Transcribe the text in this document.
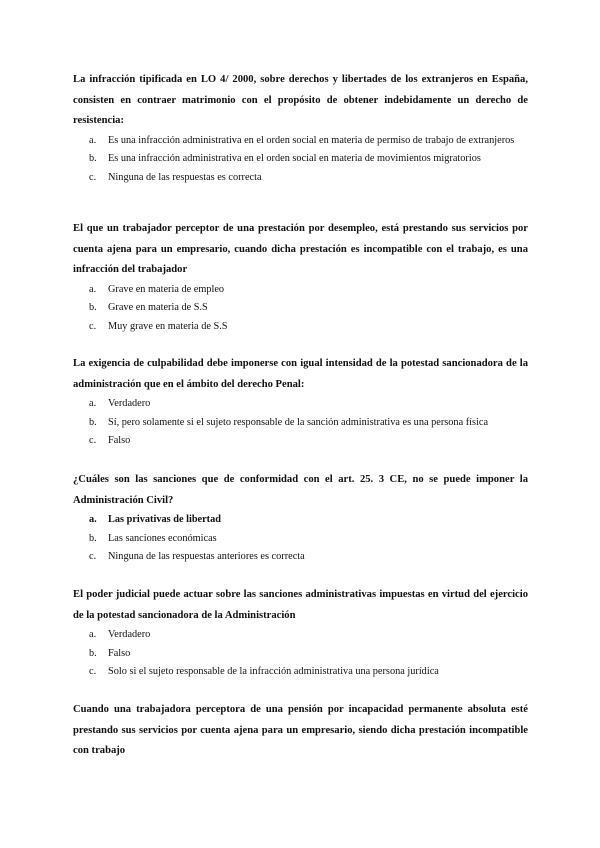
La infracción tipificada en LO 4/ 2000, sobre derechos y libertades de los extranjeros en España, consisten en contraer matrimonio con el propósito de obtener indebidamente un derecho de resistencia:

a. Es una infracción administrativa en el orden social en materia de permiso de trabajo de extranjeros
b. Es una infracción administrativa en el orden social en materia de movimientos migratorios
c. Ninguna de las respuestas es correcta

El que un trabajador perceptor de una prestación por desempleo, está prestando sus servicios por cuenta ajena para un empresario, cuando dicha prestación es incompatible con el trabajo, es una infracción del trabajador

a. Grave en materia de empleo
b. Grave en materia de S.S
c. Muy grave en materia de S.S

La exigencia de culpabilidad debe imponerse con igual intensidad de la potestad sancionadora de la administración que en el ámbito del derecho Penal:

a. Verdadero
b. Sí, pero solamente si el sujeto responsable de la sanción administrativa es una persona física
c. Falso

¿Cuáles son las sanciones que de conformidad con el art. 25. 3 CE, no se puede imponer la Administración Civil?

a. Las privativas de libertad
b. Las sanciones económicas
c. Ninguna de las respuestas anteriores es correcta

El poder judicial puede actuar sobre las sanciones administrativas impuestas en virtud del ejercicio de la potestad sancionadora de la Administración

a. Verdadero
b. Falso
c. Solo si el sujeto responsable de la infracción administrativa una persona jurídica

Cuando una trabajadora perceptora de una pensión por incapacidad permanente absoluta esté prestando sus servicios por cuenta ajena para un empresario, siendo dicha prestación incompatible con trabajo
